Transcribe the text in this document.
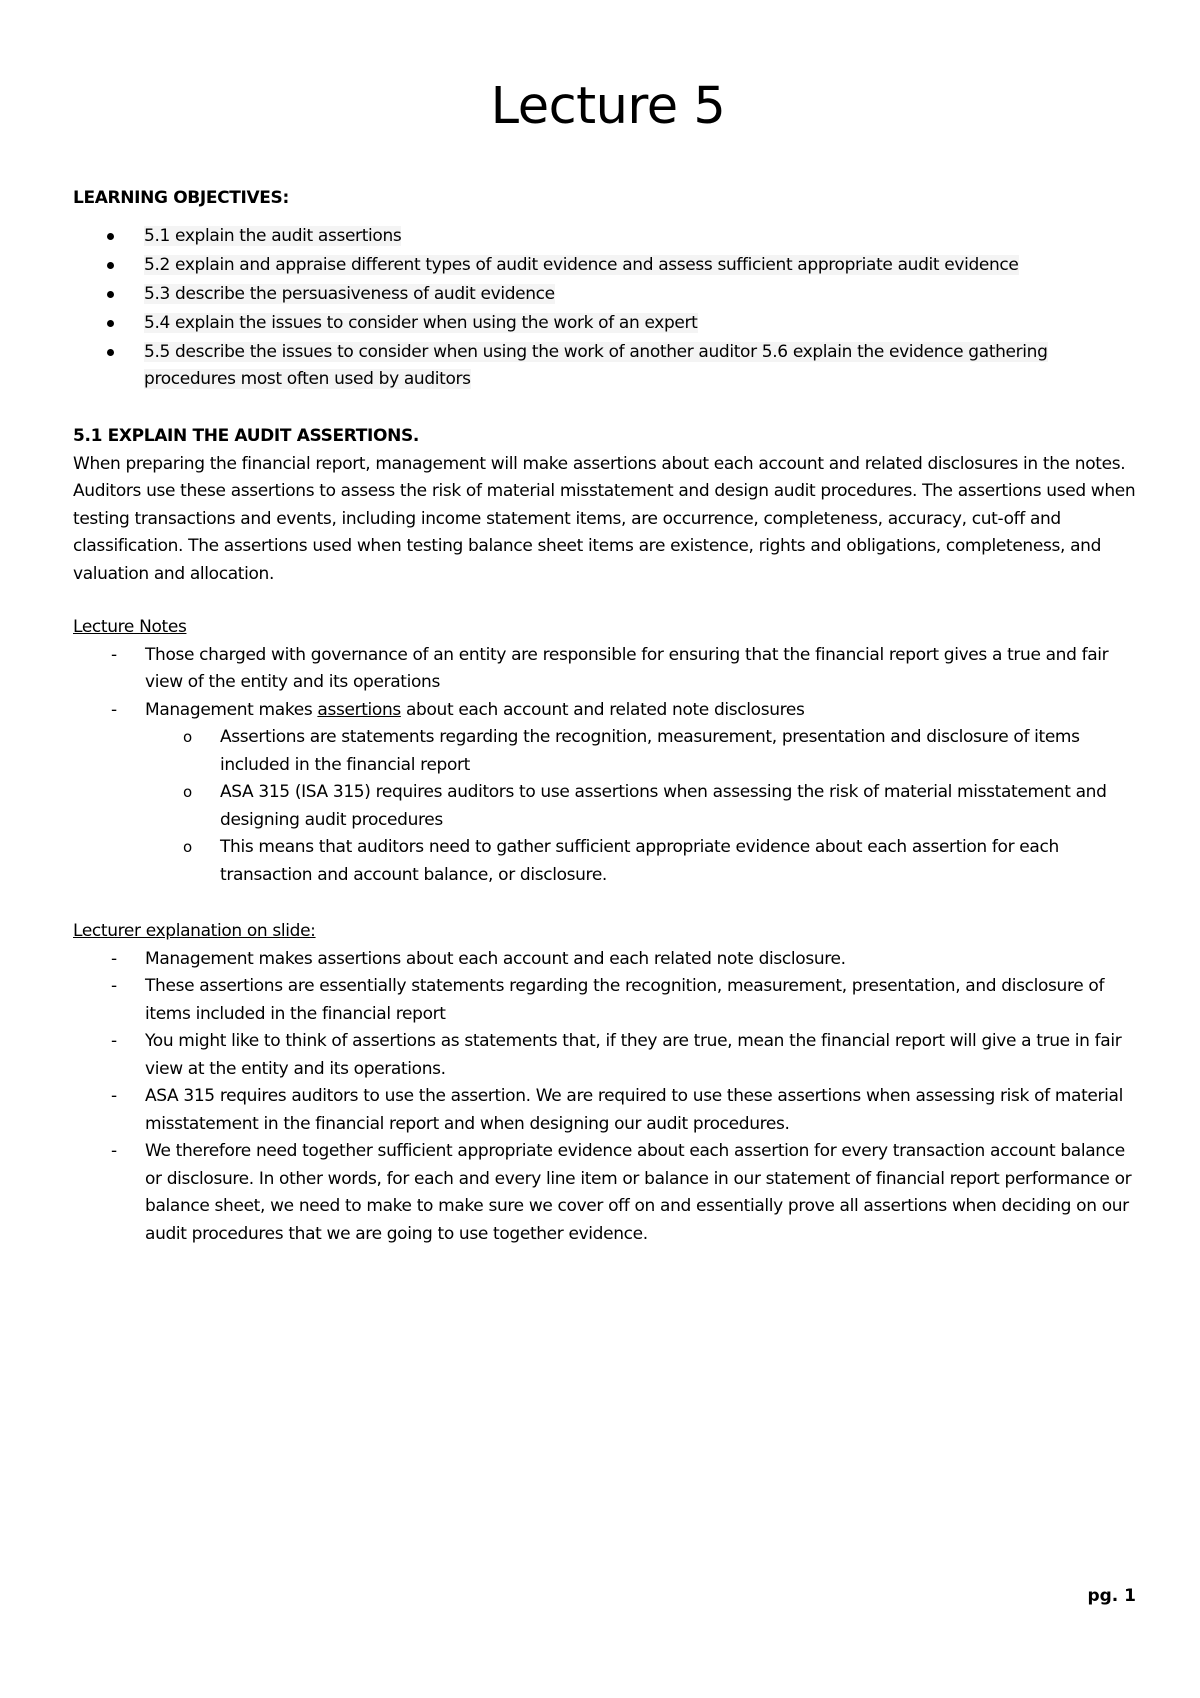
Lecture 5
LEARNING OBJECTIVES:
5.1 explain the audit assertions
5.2 explain and appraise different types of audit evidence and assess sufficient appropriate audit evidence
5.3 describe the persuasiveness of audit evidence
5.4 explain the issues to consider when using the work of an expert
5.5 describe the issues to consider when using the work of another auditor 5.6 explain the evidence gathering procedures most often used by auditors
5.1 EXPLAIN THE AUDIT ASSERTIONS.
When preparing the financial report, management will make assertions about each account and related disclosures in the notes. Auditors use these assertions to assess the risk of material misstatement and design audit procedures. The assertions used when testing transactions and events, including income statement items, are occurrence, completeness, accuracy, cut-off and classification. The assertions used when testing balance sheet items are existence, rights and obligations, completeness, and valuation and allocation.
Lecture Notes
- Those charged with governance of an entity are responsible for ensuring that the financial report gives a true and fair view of the entity and its operations
- Management makes assertions about each account and related note disclosures
o Assertions are statements regarding the recognition, measurement, presentation and disclosure of items included in the financial report
o ASA 315 (ISA 315) requires auditors to use assertions when assessing the risk of material misstatement and designing audit procedures
o This means that auditors need to gather sufficient appropriate evidence about each assertion for each transaction and account balance, or disclosure.
Lecturer explanation on slide:
- Management makes assertions about each account and each related note disclosure.
- These assertions are essentially statements regarding the recognition, measurement, presentation, and disclosure of items included in the financial report
- You might like to think of assertions as statements that, if they are true, mean the financial report will give a true in fair view at the entity and its operations.
- ASA 315 requires auditors to use the assertion. We are required to use these assertions when assessing risk of material misstatement in the financial report and when designing our audit procedures.
- We therefore need together sufficient appropriate evidence about each assertion for every transaction account balance or disclosure. In other words, for each and every line item or balance in our statement of financial report performance or balance sheet, we need to make to make sure we cover off on and essentially prove all assertions when deciding on our audit procedures that we are going to use together evidence.
pg. 1
